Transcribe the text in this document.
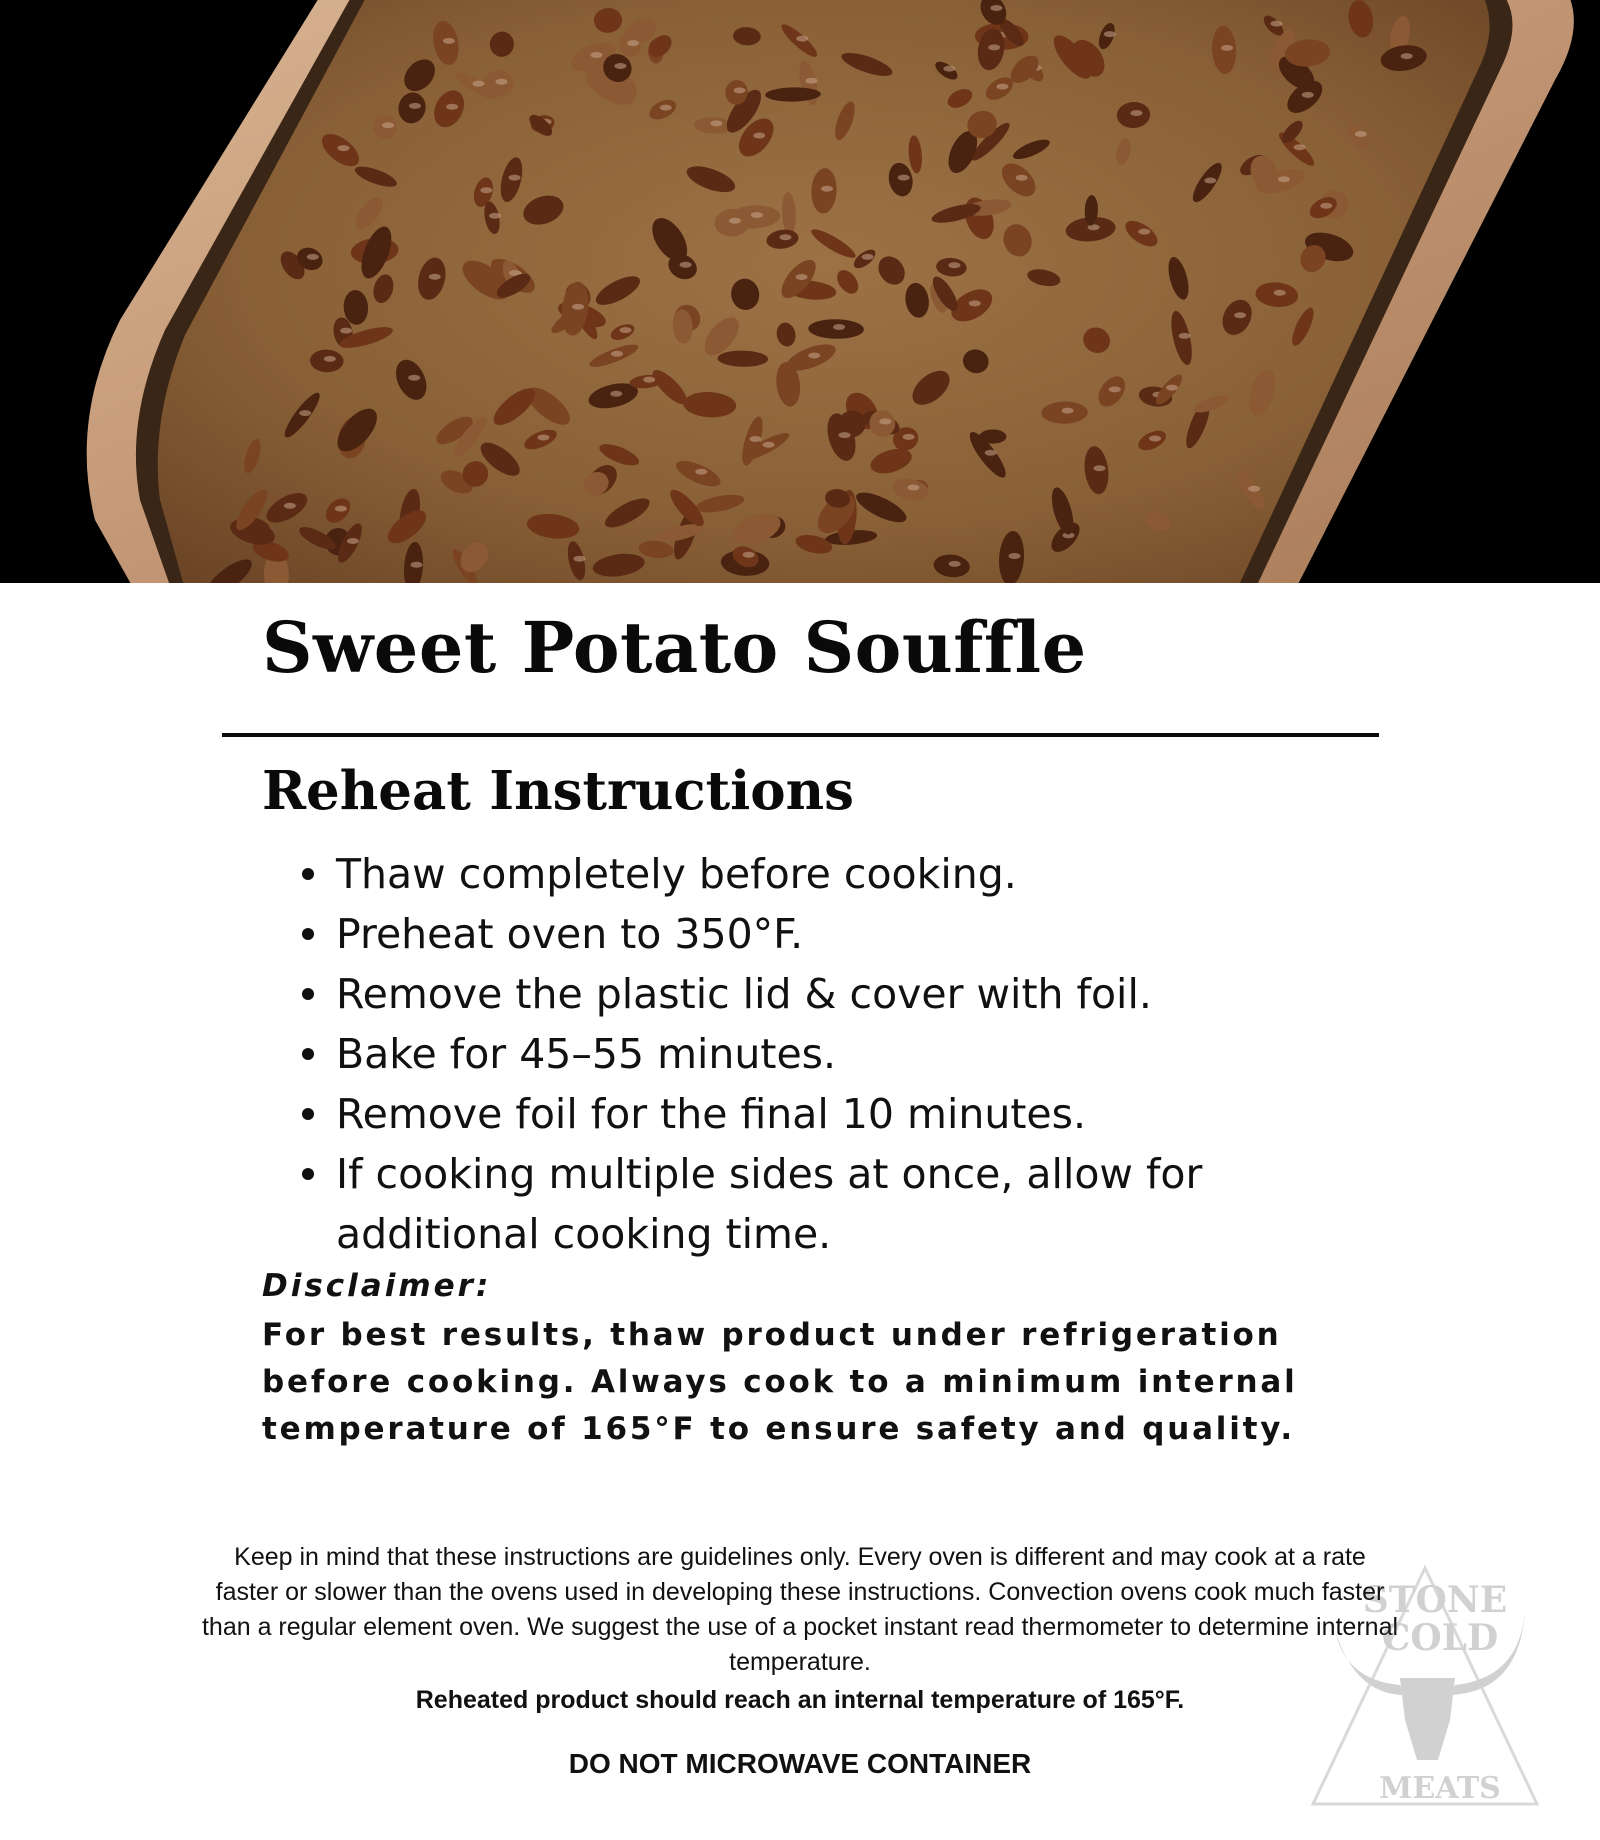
Sweet Potato Souffle
Reheat Instructions
Thaw completely before cooking.
Preheat oven to 350°F.
Remove the plastic lid & cover with foil.
Bake for 45–55 minutes.
Remove foil for the final 10 minutes.
If cooking multiple sides at once, allow for additional cooking time.

Disclaimer:

For best results, thaw product under refrigeration before cooking. Always cook to a minimum internal temperature of 165°F to ensure safety and quality.

Keep in mind that these instructions are guidelines only. Every oven is different and may cook at a rate faster or slower than the ovens used in developing these instructions. Convection ovens cook much faster than a regular element oven. We suggest the use of a pocket instant read thermometer to determine internal temperature.

Reheated product should reach an internal temperature of 165°F.

DO NOT MICROWAVE CONTAINER

STONE
COLD
MEATS
